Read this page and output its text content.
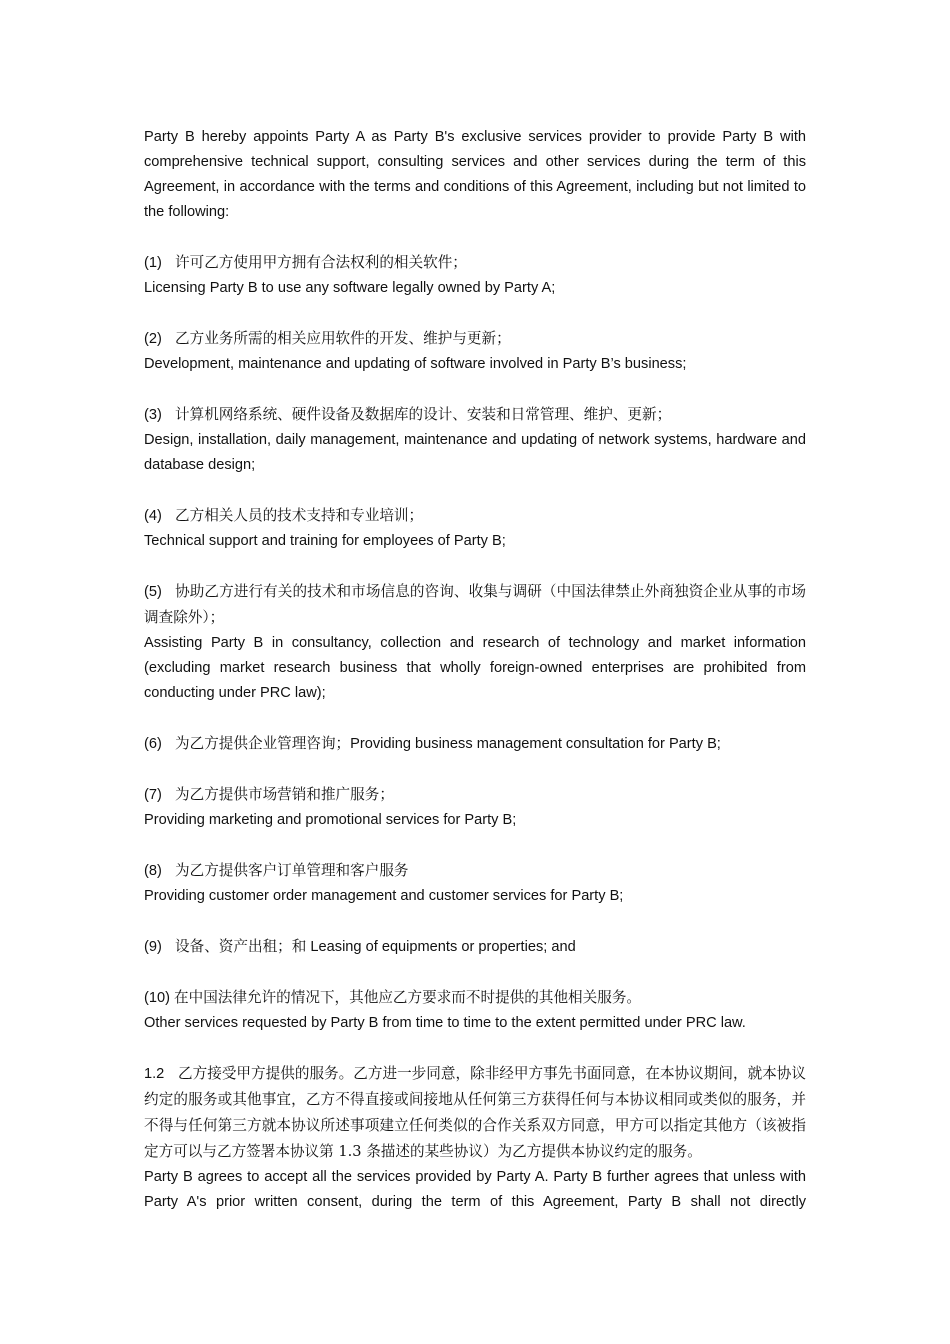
Party B hereby appoints Party A as Party B's exclusive services provider to provide Party B with comprehensive technical support, consulting services and other services during the term of this Agreement, in accordance with the terms and conditions of this Agreement, including but not limited to the following:

(1) 许可乙方使用甲方拥有合法权利的相关软件；

Licensing Party B to use any software legally owned by Party A;

(2) 乙方业务所需的相关应用软件的开发、维护与更新；

Development, maintenance and updating of software involved in Party B’s business;

(3) 计算机网络系统、硬件设备及数据库的设计、安装和日常管理、维护、更新；

Design, installation, daily management, maintenance and updating of network systems, hardware and database design;

(4) 乙方相关人员的技术支持和专业培训；

Technical support and training for employees of Party B;

(5) 协助乙方进行有关的技术和市场信息的咨询、收集与调研（中国法律禁止外商独资企业从事的市场调查除外）；

Assisting Party B in consultancy, collection and research of technology and market information (excluding market research business that wholly foreign-owned enterprises are prohibited from conducting under PRC law);

(6) 为乙方提供企业管理咨询；Providing business management consultation for Party B;

(7) 为乙方提供市场营销和推广服务；

Providing marketing and promotional services for Party B;

(8) 为乙方提供客户订单管理和客户服务

Providing customer order management and customer services for Party B;

(9) 设备、资产出租；和 Leasing of equipments or properties; and

(10) 在中国法律允许的情况下，其他应乙方要求而不时提供的其他相关服务。

Other services requested by Party B from time to time to the extent permitted under PRC law.

1.2 乙方接受甲方提供的服务。乙方进一步同意，除非经甲方事先书面同意，在本协议期间，就本协议约定的服务或其他事宜，乙方不得直接或间接地从任何第三方获得任何与本协议相同或类似的服务，并不得与任何第三方就本协议所述事项建立任何类似的合作关系双方同意，甲方可以指定其他方（该被指定方可以与乙方签署本协议第 1.3 条描述的某些协议）为乙方提供本协议约定的服务。

Party B agrees to accept all the services provided by Party A. Party B further agrees that unless with Party A's prior written consent, during the term of this Agreement, Party B shall not directly
